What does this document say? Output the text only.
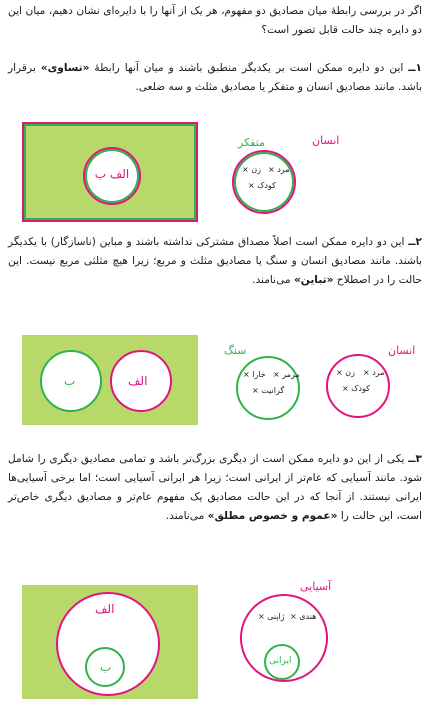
اگر در بررسی رابطهٔ میان مصادیق دو مفهوم، هر یک از آنها را با دایره‌ای نشان دهیم، میان این دو دایره چند حالت قابل تصور است؟

۱ــ این دو دایره ممکن است بر یکدیگر منطبق باشند و میان آنها رابطهٔ «تساوی» برقرار باشد. مانند مصادیق انسان و متفکر یا مصادیق مثلث و سه ضلعی.

الف ب
انسان
متفکر
مرد ×
زن ×
کودک ×

۲ــ این دو دایره ممکن است اصلاً مصداق مشترکی نداشته باشند و مباین (ناسازگار) با یکدیگر باشند. مانند مصادیق انسان و سنگ یا مصادیق مثلث و مربع؛ زیرا هیچ مثلثی مربع نیست. این حالت را در اصطلاح «تباین» می‌نامند.

ب	الف
سنگ
مرمر ×
خارا ×
گرانیت ×
انسان
مرد ×
زن ×
کودک ×

۳ــ یکی از این دو دایره ممکن است از دیگری بزرگ‌تر باشد و تمامی مصادیق دیگری را شامل شود. مانند آسیایی که عام‌تر از ایرانی است؛ زیرا هر ایرانی آسیایی است؛ اما برخی آسیایی‌ها ایرانی نیستند. از آنجا که در این حالت مصادیق یک مفهوم عام‌تر و مصادیق دیگری خاص‌تر است، این حالت را «عموم و خصوص مطلق» می‌نامند.

الف
ب
آسیایی
هندی ×
ژاپنی ×
ایرانی
